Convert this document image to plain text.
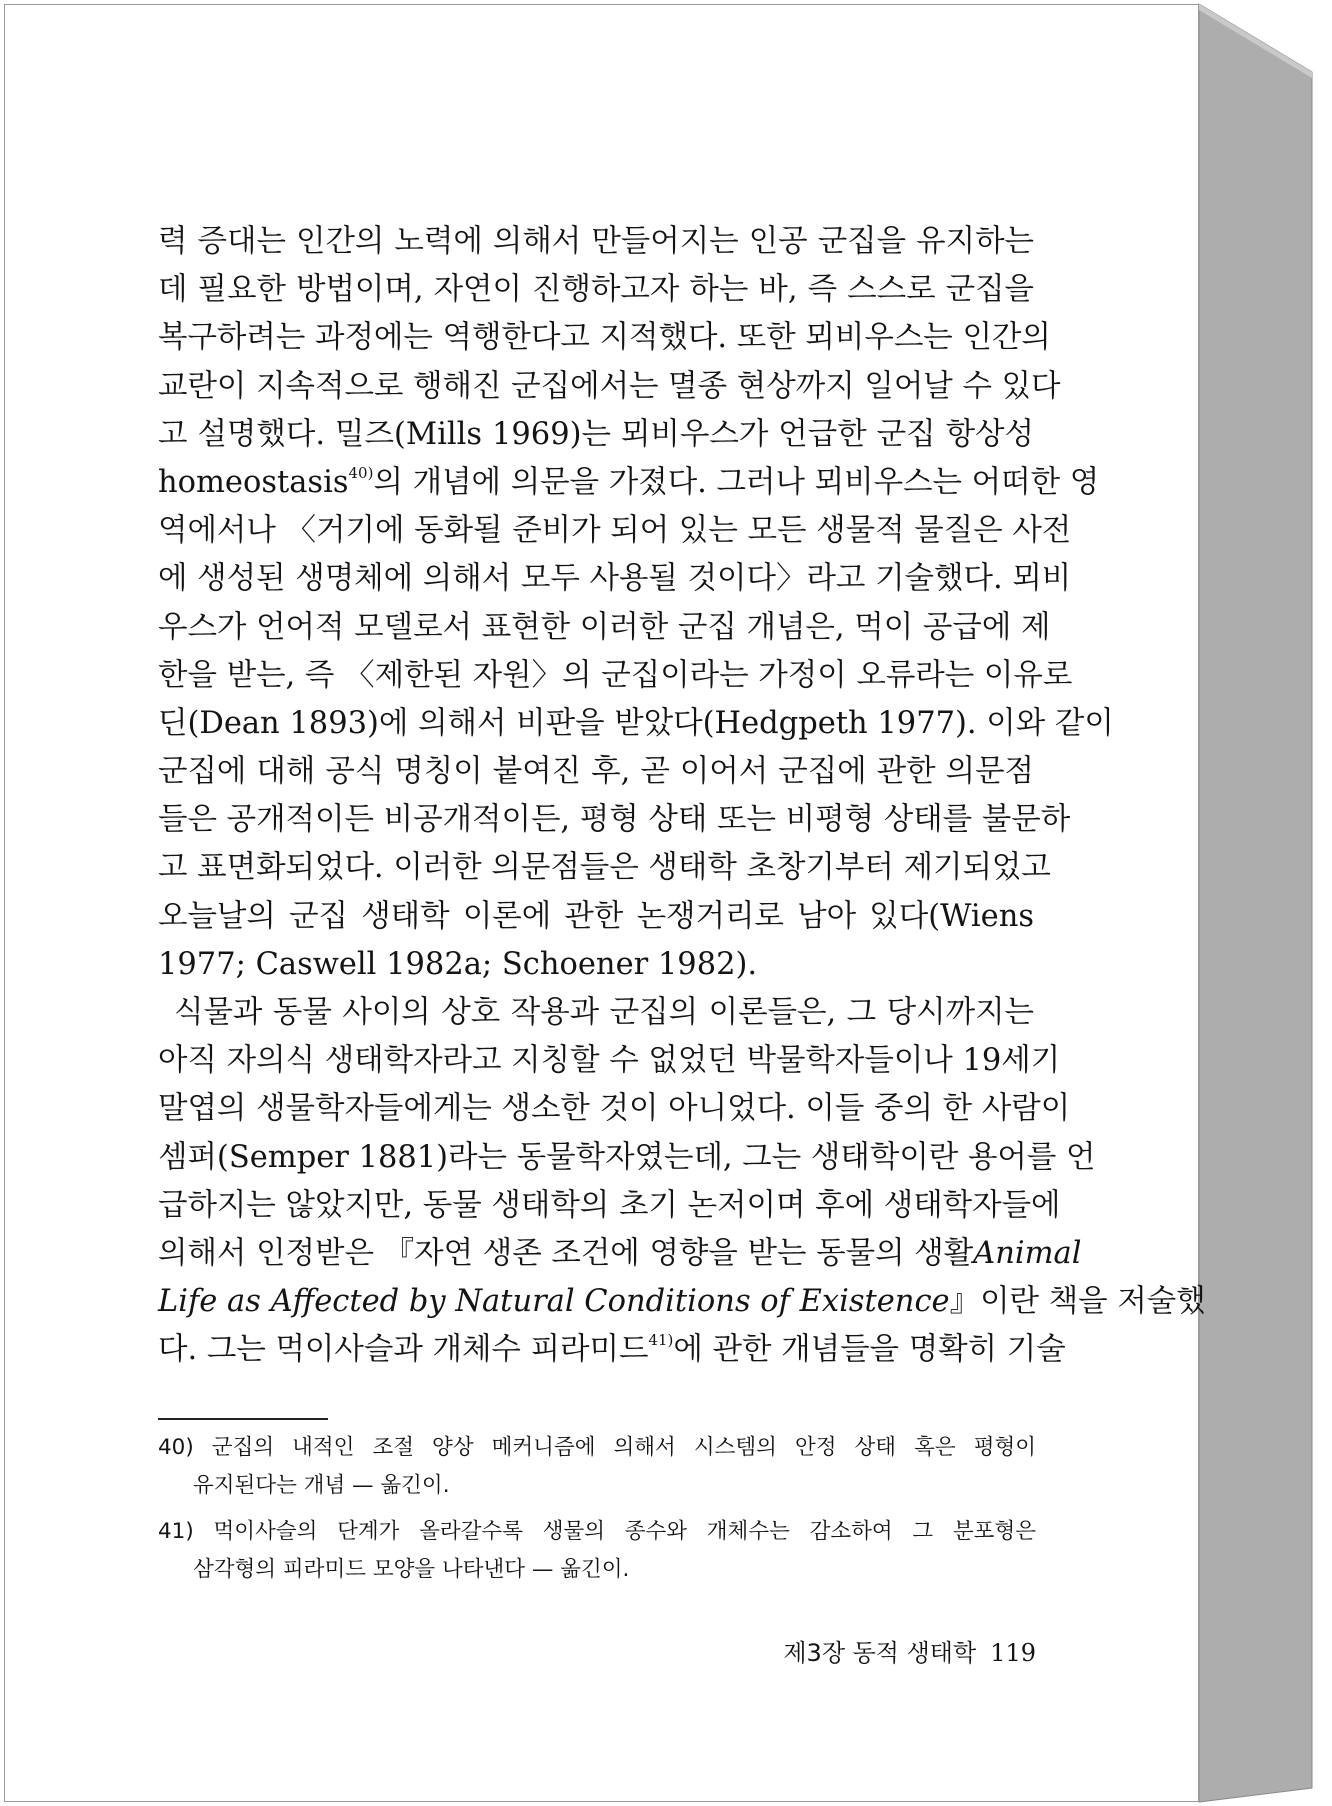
력 증대는 인간의 노력에 의해서 만들어지는 인공 군집을 유지하는
데 필요한 방법이며, 자연이 진행하고자 하는 바, 즉 스스로 군집을
복구하려는 과정에는 역행한다고 지적했다. 또한 뫼비우스는 인간의
교란이 지속적으로 행해진 군집에서는 멸종 현상까지 일어날 수 있다
고 설명했다. 밀즈(Mills 1969)는 뫼비우스가 언급한 군집 항상성
homeostasis$^{40)}$의 개념에 의문을 가졌다. 그러나 뫼비우스는 어떠한 영
역에서나 〈거기에 동화될 준비가 되어 있는 모든 생물적 물질은 사전
에 생성된 생명체에 의해서 모두 사용될 것이다〉라고 기술했다. 뫼비
우스가 언어적 모델로서 표현한 이러한 군집 개념은, 먹이 공급에 제
한을 받는, 즉 〈제한된 자원〉의 군집이라는 가정이 오류라는 이유로
딘(Dean 1893)에 의해서 비판을 받았다(Hedgpeth 1977). 이와 같이
군집에 대해 공식 명칭이 붙여진 후, 곧 이어서 군집에 관한 의문점
들은 공개적이든 비공개적이든, 평형 상태 또는 비평형 상태를 불문하
고 표면화되었다. 이러한 의문점들은 생태학 초창기부터 제기되었고
오늘날의 군집 생태학 이론에 관한 논쟁거리로 남아 있다(Wiens
1977; Caswell 1982a; Schoener 1982).
식물과 동물 사이의 상호 작용과 군집의 이론들은, 그 당시까지는
아직 자의식 생태학자라고 지칭할 수 없었던 박물학자들이나 19세기
말엽의 생물학자들에게는 생소한 것이 아니었다. 이들 중의 한 사람이
셈퍼(Semper 1881)라는 동물학자였는데, 그는 생태학이란 용어를 언
급하지는 않았지만, 동물 생태학의 초기 논저이며 후에 생태학자들에
의해서 인정받은 『자연 생존 조건에 영향을 받는 동물의 생활Animal
Life as Affected by Natural Conditions of Existence』이란 책을 저술했
다. 그는 먹이사슬과 개체수 피라미드$^{41)}$에 관한 개념들을 명확히 기술
40) 군집의 내적인 조절 양상 메커니즘에 의해서 시스템의 안정 상태 혹은 평형이
유지된다는 개념 — 옮긴이.
41) 먹이사슬의 단계가 올라갈수록 생물의 종수와 개체수는 감소하여 그 분포형은
삼각형의 피라미드 모양을 나타낸다 — 옮긴이.
제3장 동적 생태학 119
